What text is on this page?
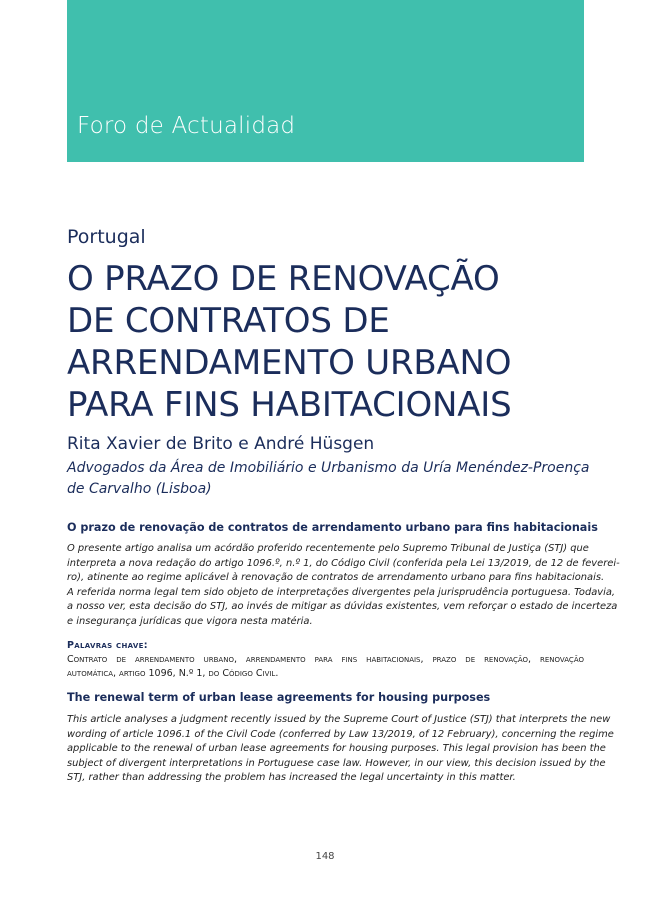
Foro de Actualidad
Portugal
O PRAZO DE RENOVAÇÃO
DE CONTRATOS DE
ARRENDAMENTO URBANO
PARA FINS HABITACIONAIS
Rita Xavier de Brito e André Hüsgen
Advogados da Área de Imobiliário e Urbanismo da Uría Menéndez-Proença
de Carvalho (Lisboa)
O prazo de renovação de contratos de arrendamento urbano para fins habitacionais
O presente artigo analisa um acórdão proferido recentemente pelo Supremo Tribunal de Justiça (STJ) que
interpreta a nova redação do artigo 1096.º, n.º 1, do Código Civil (conferida pela Lei 13/2019, de 12 de feverei-
ro), atinente ao regime aplicável à renovação de contratos de arrendamento urbano para fins habitacionais.
A referida norma legal tem sido objeto de interpretações divergentes pela jurisprudência portuguesa. Todavia,
a nosso ver, esta decisão do STJ, ao invés de mitigar as dúvidas existentes, vem reforçar o estado de incerteza
e insegurança jurídicas que vigora nesta matéria.
Palavras chave:
Contrato de arrendamento urbano, arrendamento para fins habitacionais, prazo de renovação, renovação
automática, artigo 1096, N.º 1, do Código Civil.
The renewal term of urban lease agreements for housing purposes
This article analyses a judgment recently issued by the Supreme Court of Justice (STJ) that interprets the new
wording of article 1096.1 of the Civil Code (conferred by Law 13/2019, of 12 February), concerning the regime
applicable to the renewal of urban lease agreements for housing purposes. This legal provision has been the
subject of divergent interpretations in Portuguese case law. However, in our view, this decision issued by the
STJ, rather than addressing the problem has increased the legal uncertainty in this matter.
148
